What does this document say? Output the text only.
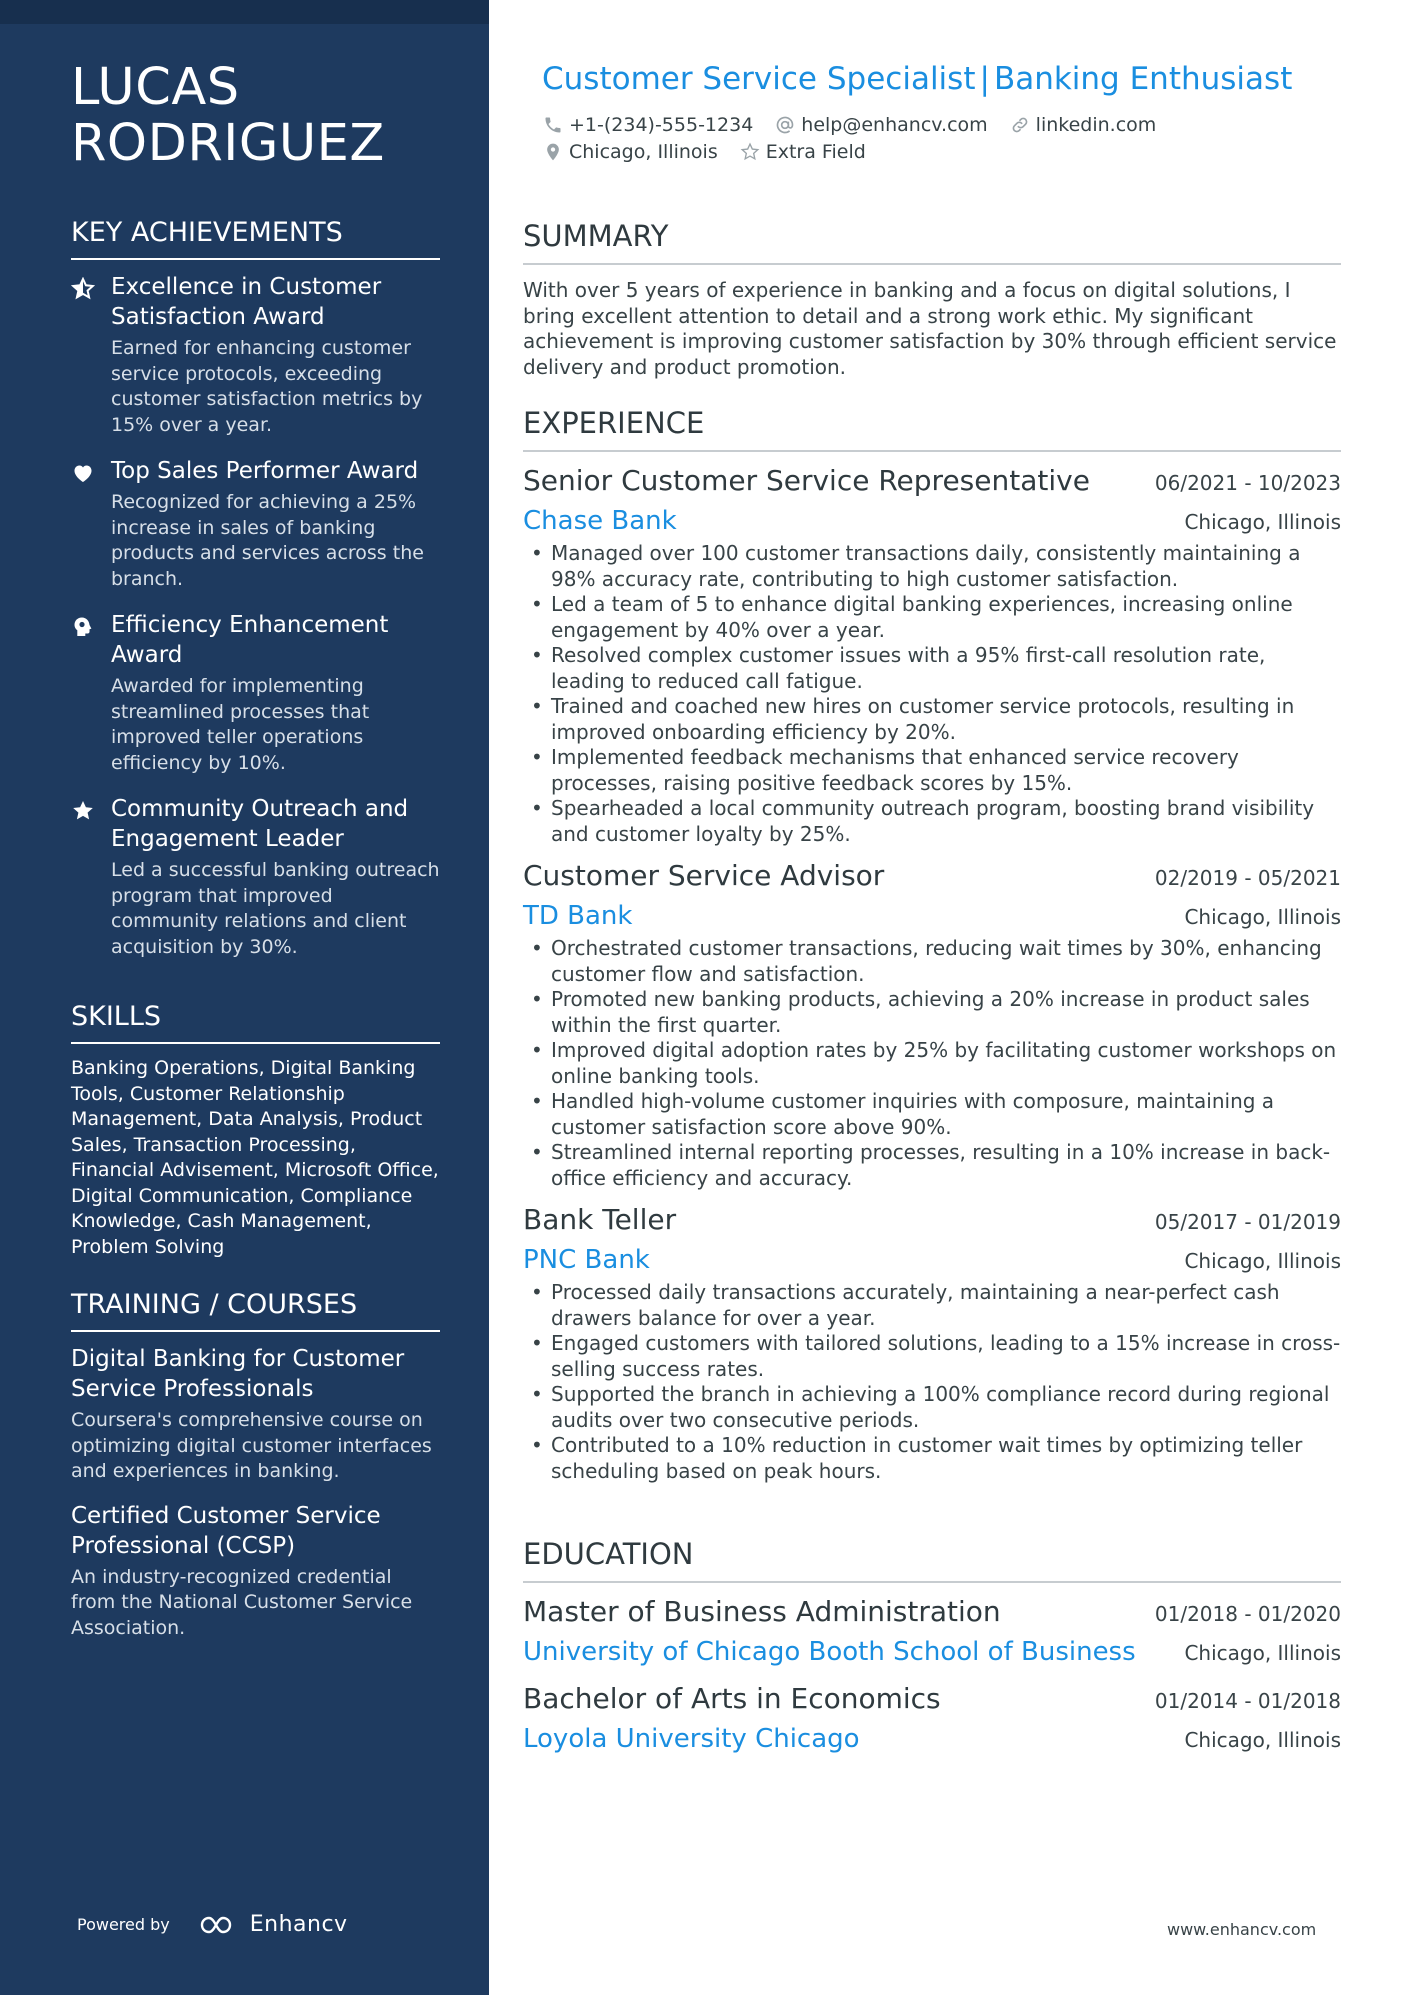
LUCAS RODRIGUEZ
KEY ACHIEVEMENTS
Excellence in Customer Satisfaction Award
Earned for enhancing customer service protocols, exceeding customer satisfaction metrics by 15% over a year.
Top Sales Performer Award
Recognized for achieving a 25% increase in sales of banking products and services across the branch.
Efficiency Enhancement Award
Awarded for implementing streamlined processes that improved teller operations efficiency by 10%.
Community Outreach and Engagement Leader
Led a successful banking outreach program that improved community relations and client acquisition by 30%.
SKILLS
Banking Operations, Digital Banking Tools, Customer Relationship Management, Data Analysis, Product Sales, Transaction Processing, Financial Advisement, Microsoft Office, Digital Communication, Compliance Knowledge, Cash Management, Problem Solving
TRAINING / COURSES
Digital Banking for Customer Service Professionals
Coursera's comprehensive course on optimizing digital customer interfaces and experiences in banking.
Certified Customer Service Professional (CCSP)
An industry-recognized credential from the National Customer Service Association.
Powered by	Enhancv
Customer Service Specialist | Banking Enthusiast
+1-(234)-555-1234	help@enhancv.com	linkedin.com
Chicago, Illinois	Extra Field
SUMMARY
With over 5 years of experience in banking and a focus on digital solutions, I bring excellent attention to detail and a strong work ethic. My significant achievement is improving customer satisfaction by 30% through efficient service delivery and product promotion.
EXPERIENCE
Senior Customer Service Representative	06/2021 - 10/2023
Chase Bank	Chicago, Illinois
• Managed over 100 customer transactions daily, consistently maintaining a 98% accuracy rate, contributing to high customer satisfaction.
• Led a team of 5 to enhance digital banking experiences, increasing online engagement by 40% over a year.
• Resolved complex customer issues with a 95% first-call resolution rate, leading to reduced call fatigue.
• Trained and coached new hires on customer service protocols, resulting in improved onboarding efficiency by 20%.
• Implemented feedback mechanisms that enhanced service recovery processes, raising positive feedback scores by 15%.
• Spearheaded a local community outreach program, boosting brand visibility and customer loyalty by 25%.
Customer Service Advisor	02/2019 - 05/2021
TD Bank	Chicago, Illinois
• Orchestrated customer transactions, reducing wait times by 30%, enhancing customer flow and satisfaction.
• Promoted new banking products, achieving a 20% increase in product sales within the first quarter.
• Improved digital adoption rates by 25% by facilitating customer workshops on online banking tools.
• Handled high-volume customer inquiries with composure, maintaining a customer satisfaction score above 90%.
• Streamlined internal reporting processes, resulting in a 10% increase in back-office efficiency and accuracy.
Bank Teller	05/2017 - 01/2019
PNC Bank	Chicago, Illinois
• Processed daily transactions accurately, maintaining a near-perfect cash drawers balance for over a year.
• Engaged customers with tailored solutions, leading to a 15% increase in cross-selling success rates.
• Supported the branch in achieving a 100% compliance record during regional audits over two consecutive periods.
• Contributed to a 10% reduction in customer wait times by optimizing teller scheduling based on peak hours.
EDUCATION
Master of Business Administration	01/2018 - 01/2020
University of Chicago Booth School of Business Chicago, Illinois
Bachelor of Arts in Economics	01/2014 - 01/2018
Loyola University Chicago	Chicago, Illinois
www.enhancv.com
